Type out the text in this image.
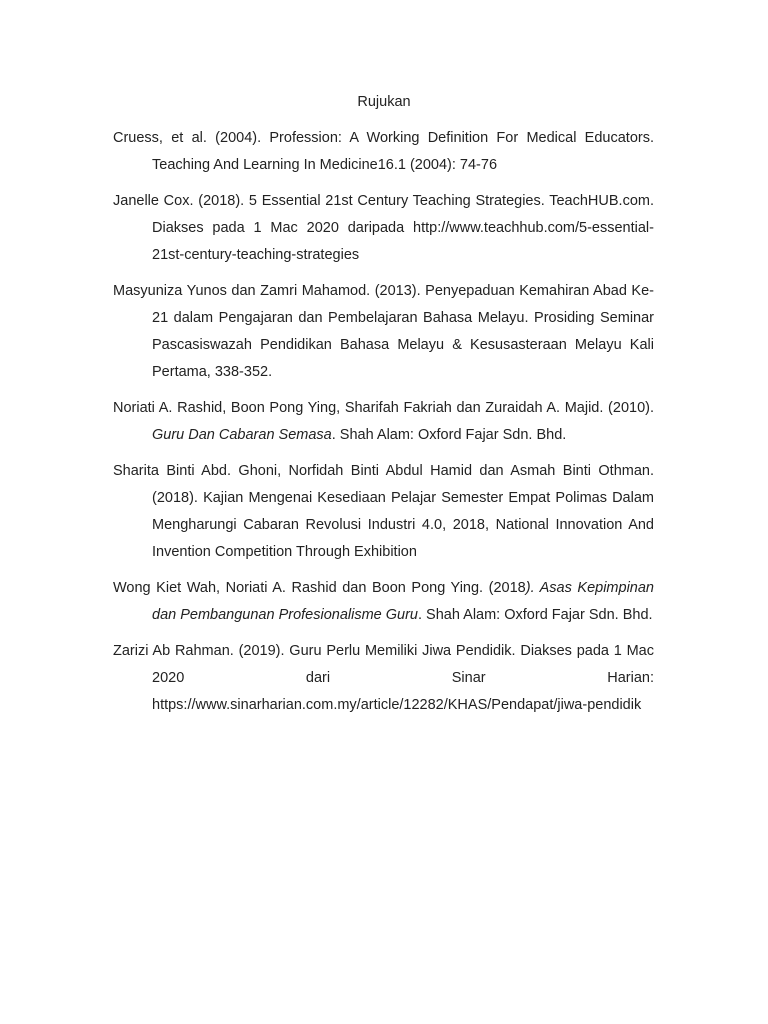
Rujukan
Cruess, et al. (2004). Profession: A Working Definition For Medical Educators. Teaching And Learning In Medicine16.1 (2004): 74-76
Janelle Cox. (2018). 5 Essential 21st Century Teaching Strategies. TeachHUB.com. Diakses pada 1 Mac 2020 daripada http://www.teachhub.com/5-essential-21st-century-teaching-strategies
Masyuniza Yunos dan Zamri Mahamod. (2013). Penyepaduan Kemahiran Abad Ke-21 dalam Pengajaran dan Pembelajaran Bahasa Melayu. Prosiding Seminar Pascasiswazah Pendidikan Bahasa Melayu & Kesusasteraan Melayu Kali Pertama, 338-352.
Noriati A. Rashid, Boon Pong Ying, Sharifah Fakriah dan Zuraidah A. Majid. (2010). Guru Dan Cabaran Semasa. Shah Alam: Oxford Fajar Sdn. Bhd.
Sharita Binti Abd. Ghoni, Norfidah Binti Abdul Hamid dan Asmah Binti Othman. (2018). Kajian Mengenai Kesediaan Pelajar Semester Empat Polimas Dalam Mengharungi Cabaran Revolusi Industri 4.0, 2018, National Innovation And Invention Competition Through Exhibition
Wong Kiet Wah, Noriati A. Rashid dan Boon Pong Ying. (2018). Asas Kepimpinan dan Pembangunan Profesionalisme Guru. Shah Alam: Oxford Fajar Sdn. Bhd.
Zarizi Ab Rahman. (2019). Guru Perlu Memiliki Jiwa Pendidik. Diakses pada 1 Mac 2020 dari Sinar Harian: https://www.sinarharian.com.my/article/12282/KHAS/Pendapat/jiwa-pendidik
